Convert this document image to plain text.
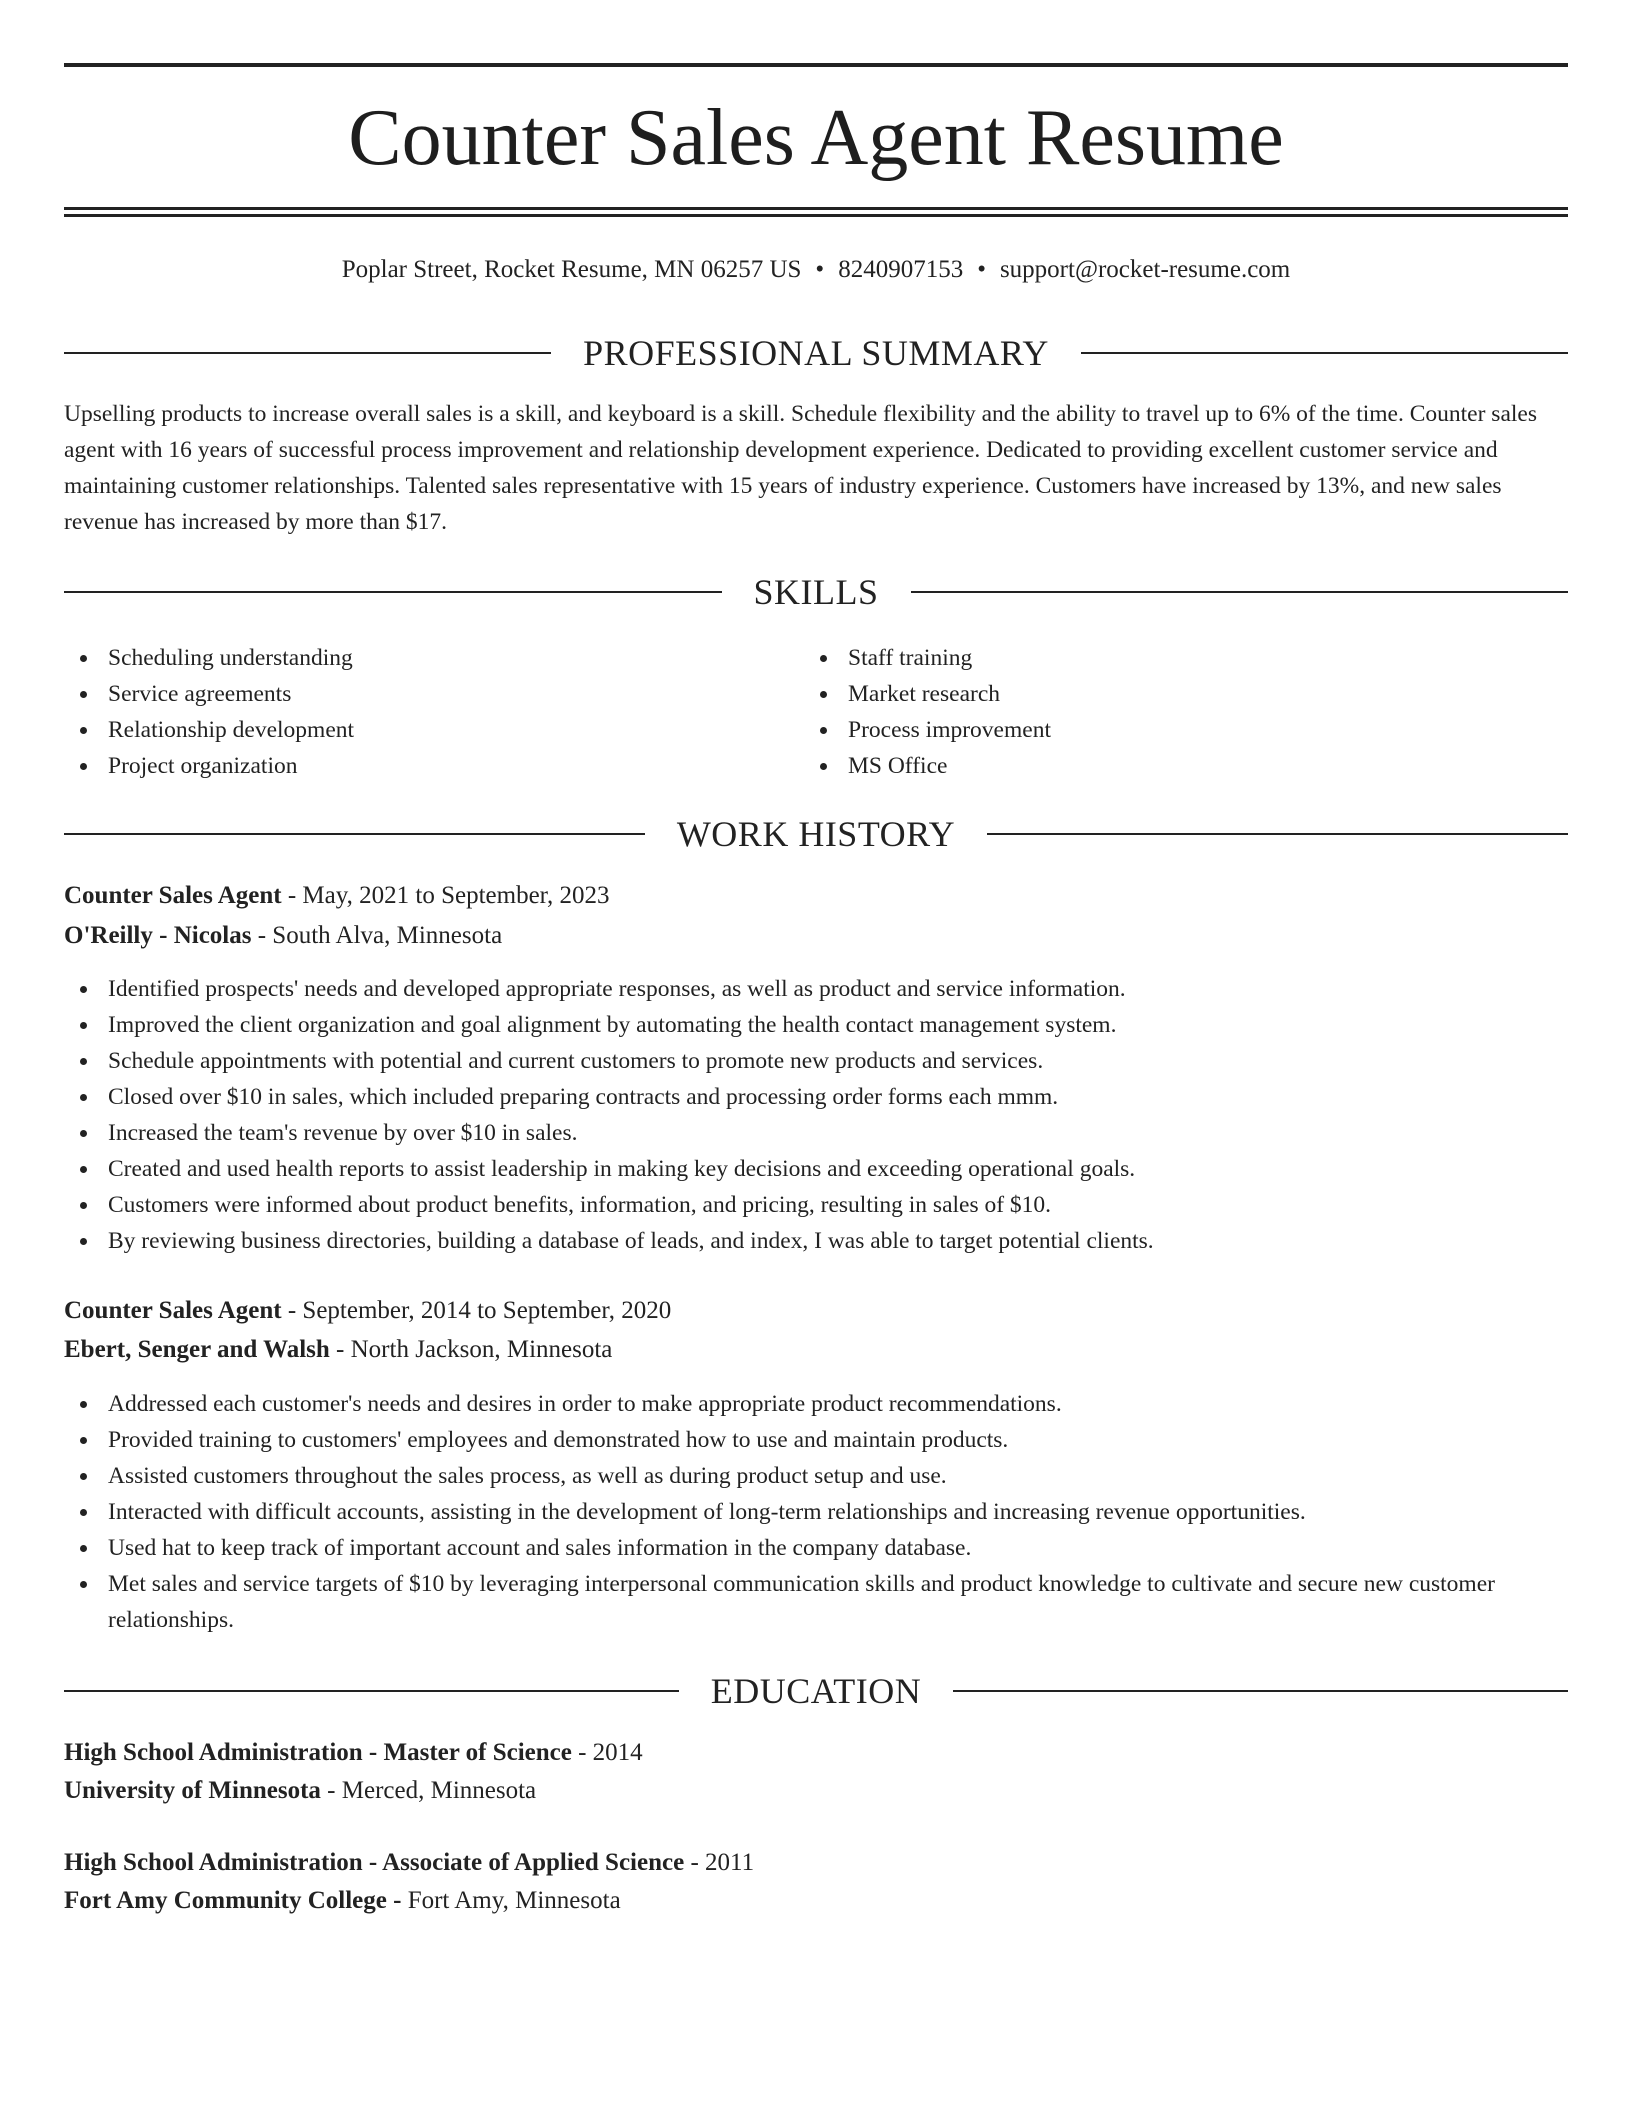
Counter Sales Agent Resume
Poplar Street, Rocket Resume, MN 06257 US • 8240907153 • support@rocket-resume.com
PROFESSIONAL SUMMARY
Upselling products to increase overall sales is a skill, and keyboard is a skill. Schedule flexibility and the ability to travel up to 6% of the time. Counter sales agent with 16 years of successful process improvement and relationship development experience. Dedicated to providing excellent customer service and maintaining customer relationships. Talented sales representative with 15 years of industry experience. Customers have increased by 13%, and new sales revenue has increased by more than $17.
SKILLS
Scheduling understanding
Service agreements
Relationship development
Project organization
Staff training
Market research
Process improvement
MS Office
WORK HISTORY
Counter Sales Agent - May, 2021 to September, 2023
O'Reilly - Nicolas - South Alva, Minnesota
Identified prospects' needs and developed appropriate responses, as well as product and service information.
Improved the client organization and goal alignment by automating the health contact management system.
Schedule appointments with potential and current customers to promote new products and services.
Closed over $10 in sales, which included preparing contracts and processing order forms each mmm.
Increased the team's revenue by over $10 in sales.
Created and used health reports to assist leadership in making key decisions and exceeding operational goals.
Customers were informed about product benefits, information, and pricing, resulting in sales of $10.
By reviewing business directories, building a database of leads, and index, I was able to target potential clients.
Counter Sales Agent - September, 2014 to September, 2020
Ebert, Senger and Walsh - North Jackson, Minnesota
Addressed each customer's needs and desires in order to make appropriate product recommendations.
Provided training to customers' employees and demonstrated how to use and maintain products.
Assisted customers throughout the sales process, as well as during product setup and use.
Interacted with difficult accounts, assisting in the development of long-term relationships and increasing revenue opportunities.
Used hat to keep track of important account and sales information in the company database.
Met sales and service targets of $10 by leveraging interpersonal communication skills and product knowledge to cultivate and secure new customer relationships.
EDUCATION
High School Administration - Master of Science - 2014
University of Minnesota - Merced, Minnesota
High School Administration - Associate of Applied Science - 2011
Fort Amy Community College - Fort Amy, Minnesota
